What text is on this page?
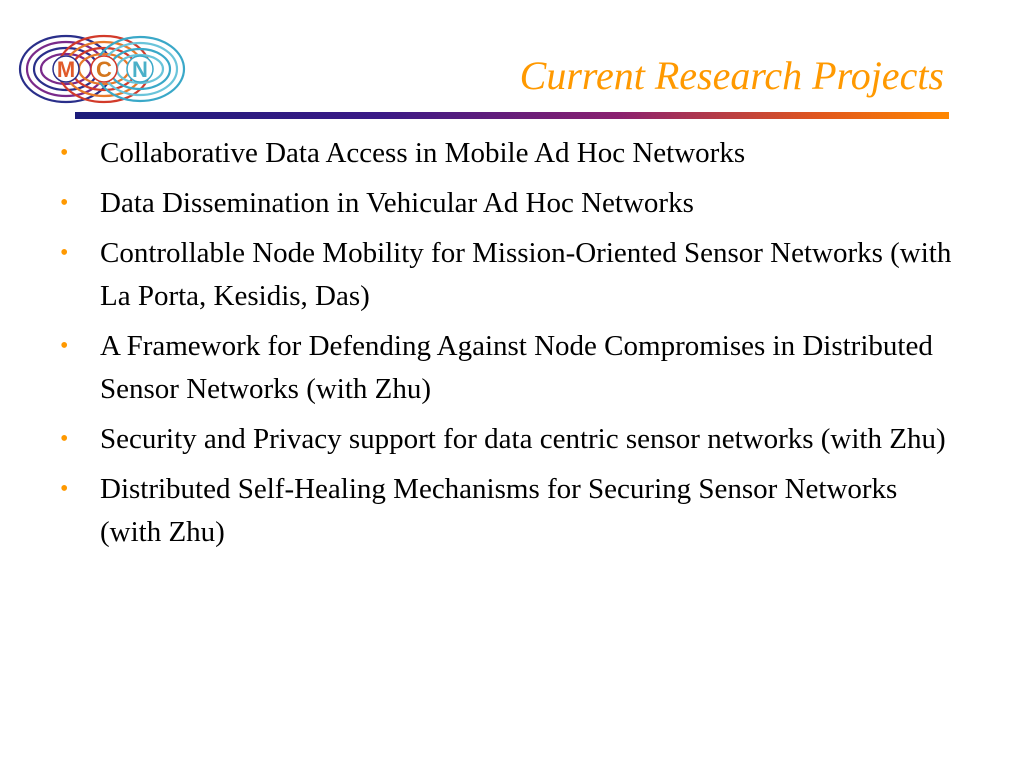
M C N	Current Research Projects
• Collaborative Data Access in Mobile Ad Hoc Networks
• Data Dissemination in Vehicular Ad Hoc Networks
• Controllable Node Mobility for Mission-Oriented Sensor Networks (with La Porta, Kesidis, Das)
• A Framework for Defending Against Node Compromises in Distributed Sensor Networks (with Zhu)
• Security and Privacy support for data centric sensor networks (with Zhu)
• Distributed Self-Healing Mechanisms for Securing Sensor Networks (with Zhu)
